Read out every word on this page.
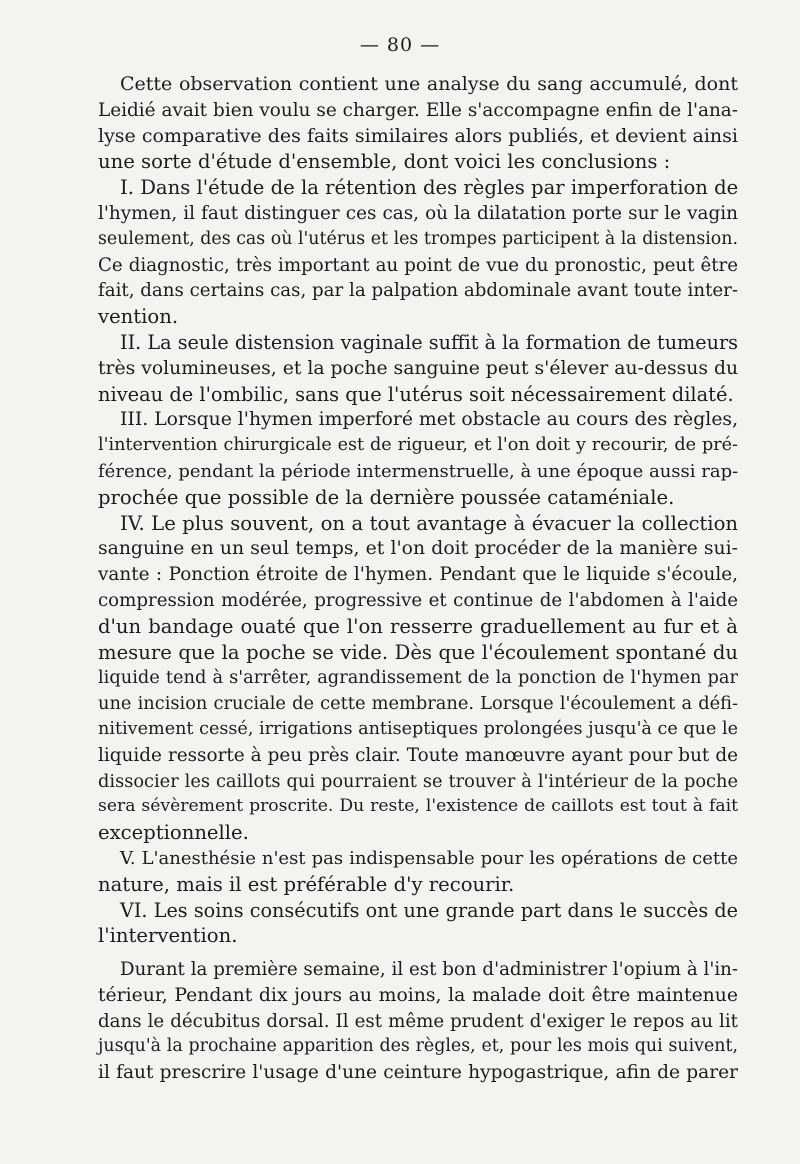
— 80 —
Cette observation contient une analyse du sang accumulé, dont
Leidié avait bien voulu se charger. Elle s'accompagne enfin de l'ana-
lyse comparative des faits similaires alors publiés, et devient ainsi
une sorte d'étude d'ensemble, dont voici les conclusions :
I. Dans l'étude de la rétention des règles par imperforation de
l'hymen, il faut distinguer ces cas, où la dilatation porte sur le vagin
seulement, des cas où l'utérus et les trompes participent à la distension.
Ce diagnostic, très important au point de vue du pronostic, peut être
fait, dans certains cas, par la palpation abdominale avant toute inter-
vention.
II. La seule distension vaginale suffit à la formation de tumeurs
très volumineuses, et la poche sanguine peut s'élever au-dessus du
niveau de l'ombilic, sans que l'utérus soit nécessairement dilaté.
III. Lorsque l'hymen imperforé met obstacle au cours des règles,
l'intervention chirurgicale est de rigueur, et l'on doit y recourir, de pré-
férence, pendant la période intermenstruelle, à une époque aussi rap-
prochée que possible de la dernière poussée cataméniale.
IV. Le plus souvent, on a tout avantage à évacuer la collection
sanguine en un seul temps, et l'on doit procéder de la manière sui-
vante : Ponction étroite de l'hymen. Pendant que le liquide s'écoule,
compression modérée, progressive et continue de l'abdomen à l'aide
d'un bandage ouaté que l'on resserre graduellement au fur et à
mesure que la poche se vide. Dès que l'écoulement spontané du
liquide tend à s'arrêter, agrandissement de la ponction de l'hymen par
une incision cruciale de cette membrane. Lorsque l'écoulement a défi-
nitivement cessé, irrigations antiseptiques prolongées jusqu'à ce que le
liquide ressorte à peu près clair. Toute manœuvre ayant pour but de
dissocier les caillots qui pourraient se trouver à l'intérieur de la poche
sera sévèrement proscrite. Du reste, l'existence de caillots est tout à fait
exceptionnelle.
V. L'anesthésie n'est pas indispensable pour les opérations de cette
nature, mais il est préférable d'y recourir.
VI. Les soins consécutifs ont une grande part dans le succès de
l'intervention.
Durant la première semaine, il est bon d'administrer l'opium à l'in-
térieur, Pendant dix jours au moins, la malade doit être maintenue
dans le décubitus dorsal. Il est même prudent d'exiger le repos au lit
jusqu'à la prochaine apparition des règles, et, pour les mois qui suivent,
il faut prescrire l'usage d'une ceinture hypogastrique, afin de parer
